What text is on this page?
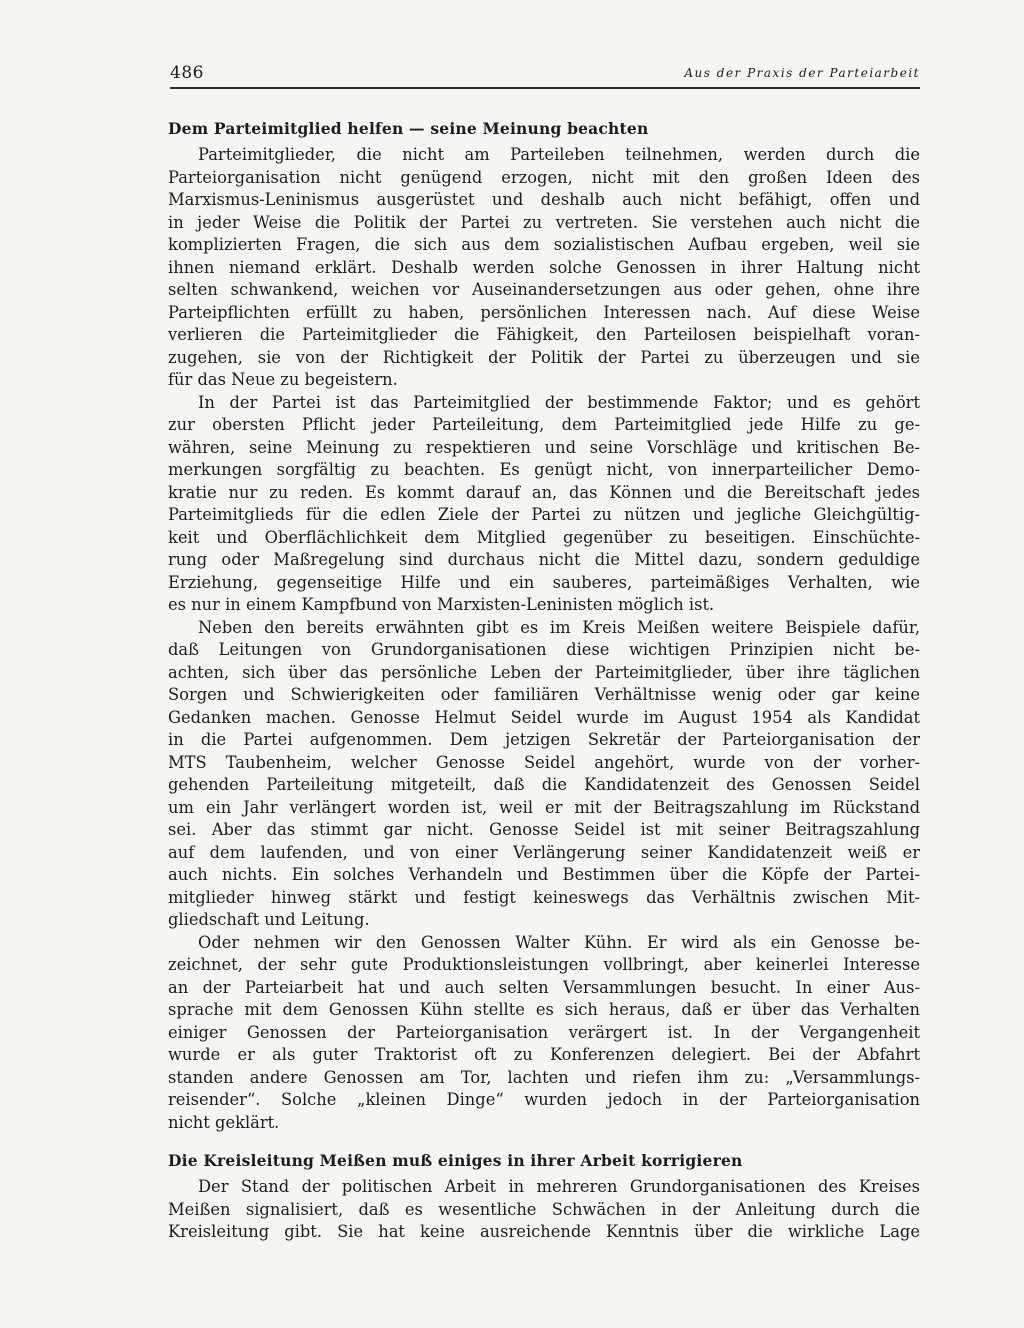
486	Aus der Praxis der Parteiarbeit
Dem Parteimitglied helfen — seine Meinung beachten
Parteimitglieder, die nicht am Parteileben teilnehmen, werden durch die
Parteiorganisation nicht genügend erzogen, nicht mit den großen Ideen des
Marxismus-Leninismus ausgerüstet und deshalb auch nicht befähigt, offen und
in jeder Weise die Politik der Partei zu vertreten. Sie verstehen auch nicht die
komplizierten Fragen, die sich aus dem sozialistischen Aufbau ergeben, weil sie
ihnen niemand erklärt. Deshalb werden solche Genossen in ihrer Haltung nicht
selten schwankend, weichen vor Auseinandersetzungen aus oder gehen, ohne ihre
Parteipflichten erfüllt zu haben, persönlichen Interessen nach. Auf diese Weise
verlieren die Parteimitglieder die Fähigkeit, den Parteilosen beispielhaft voran-
zugehen, sie von der Richtigkeit der Politik der Partei zu überzeugen und sie
für das Neue zu begeistern.
In der Partei ist das Parteimitglied der bestimmende Faktor; und es gehört
zur obersten Pflicht jeder Parteileitung, dem Parteimitglied jede Hilfe zu ge-
währen, seine Meinung zu respektieren und seine Vorschläge und kritischen Be-
merkungen sorgfältig zu beachten. Es genügt nicht, von innerparteilicher Demo-
kratie nur zu reden. Es kommt darauf an, das Können und die Bereitschaft jedes
Parteimitglieds für die edlen Ziele der Partei zu nützen und jegliche Gleichgültig-
keit und Oberflächlichkeit dem Mitglied gegenüber zu beseitigen. Einschüchte-
rung oder Maßregelung sind durchaus nicht die Mittel dazu, sondern geduldige
Erziehung, gegenseitige Hilfe und ein sauberes, parteimäßiges Verhalten, wie
es nur in einem Kampfbund von Marxisten-Leninisten möglich ist.
Neben den bereits erwähnten gibt es im Kreis Meißen weitere Beispiele dafür,
daß Leitungen von Grundorganisationen diese wichtigen Prinzipien nicht be-
achten, sich über das persönliche Leben der Parteimitglieder, über ihre täglichen
Sorgen und Schwierigkeiten oder familiären Verhältnisse wenig oder gar keine
Gedanken machen. Genosse Helmut Seidel wurde im August 1954 als Kandidat
in die Partei aufgenommen. Dem jetzigen Sekretär der Parteiorganisation der
MTS Taubenheim, welcher Genosse Seidel angehört, wurde von der vorher-
gehenden Parteileitung mitgeteilt, daß die Kandidatenzeit des Genossen Seidel
um ein Jahr verlängert worden ist, weil er mit der Beitragszahlung im Rückstand
sei. Aber das stimmt gar nicht. Genosse Seidel ist mit seiner Beitragszahlung
auf dem laufenden, und von einer Verlängerung seiner Kandidatenzeit weiß er
auch nichts. Ein solches Verhandeln und Bestimmen über die Köpfe der Partei-
mitglieder hinweg stärkt und festigt keineswegs das Verhältnis zwischen Mit-
gliedschaft und Leitung.
Oder nehmen wir den Genossen Walter Kühn. Er wird als ein Genosse be-
zeichnet, der sehr gute Produktionsleistungen vollbringt, aber keinerlei Interesse
an der Parteiarbeit hat und auch selten Versammlungen besucht. In einer Aus-
sprache mit dem Genossen Kühn stellte es sich heraus, daß er über das Verhalten
einiger Genossen der Parteiorganisation verärgert ist. In der Vergangenheit
wurde er als guter Traktorist oft zu Konferenzen delegiert. Bei der Abfahrt
standen andere Genossen am Tor, lachten und riefen ihm zu: „Versammlungs-
reisender“. Solche „kleinen Dinge“ wurden jedoch in der Parteiorganisation
nicht geklärt.
Die Kreisleitung Meißen muß einiges in ihrer Arbeit korrigieren
Der Stand der politischen Arbeit in mehreren Grundorganisationen des Kreises
Meißen signalisiert, daß es wesentliche Schwächen in der Anleitung durch die
Kreisleitung gibt. Sie hat keine ausreichende Kenntnis über die wirkliche Lage
